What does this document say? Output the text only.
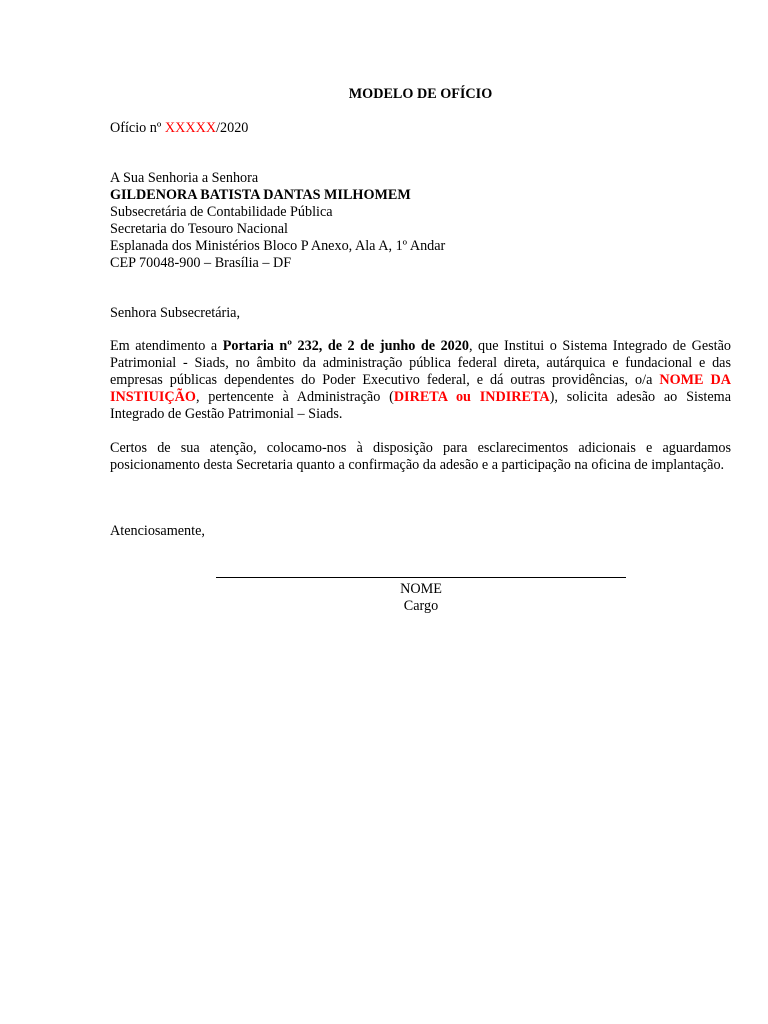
MODELO DE OFÍCIO

Ofício nº XXXXX/2020

A Sua Senhoria a Senhora
GILDENORA BATISTA DANTAS MILHOMEM
Subsecretária de Contabilidade Pública
Secretaria do Tesouro Nacional
Esplanada dos Ministérios Bloco P Anexo, Ala A, 1º Andar
CEP 70048-900 – Brasília – DF

Senhora Subsecretária,

Em atendimento a Portaria nº 232, de 2 de junho de 2020, que Institui o Sistema Integrado de Gestão Patrimonial - Siads, no âmbito da administração pública federal direta, autárquica e fundacional e das empresas públicas dependentes do Poder Executivo federal, e dá outras providências, o/a NOME DA INSTIUIÇÃO, pertencente à Administração (DIRETA ou INDIRETA), solicita adesão ao Sistema Integrado de Gestão Patrimonial – Siads.

Certos de sua atenção, colocamo-nos à disposição para esclarecimentos adicionais e aguardamos posicionamento desta Secretaria quanto a confirmação da adesão e a participação na oficina de implantação.

Atenciosamente,

NOME
Cargo
